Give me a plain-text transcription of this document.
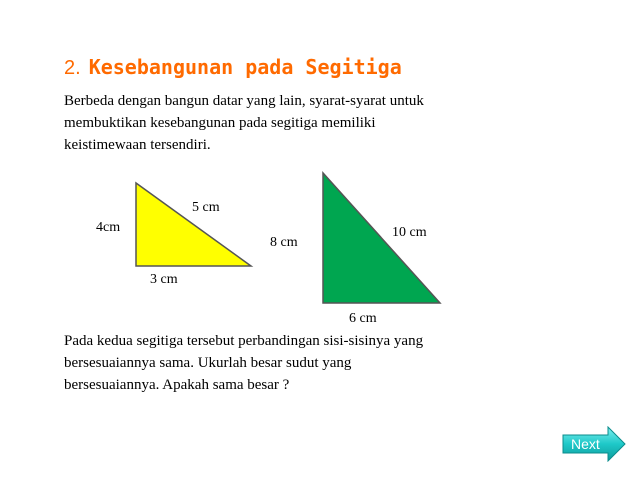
2. Kesebangunan pada Segitiga
Berbeda dengan bangun datar yang lain, syarat-syarat untuk
membuktikan kesebangunan pada segitiga memiliki
keistimewaan tersendiri.
4cm
3 cm
5 cm
8 cm
6 cm
10 cm
Pada kedua segitiga tersebut perbandingan sisi-sisinya yang
bersesuaiannya sama. Ukurlah besar sudut yang
bersesuaiannya. Apakah sama besar ?
Next
